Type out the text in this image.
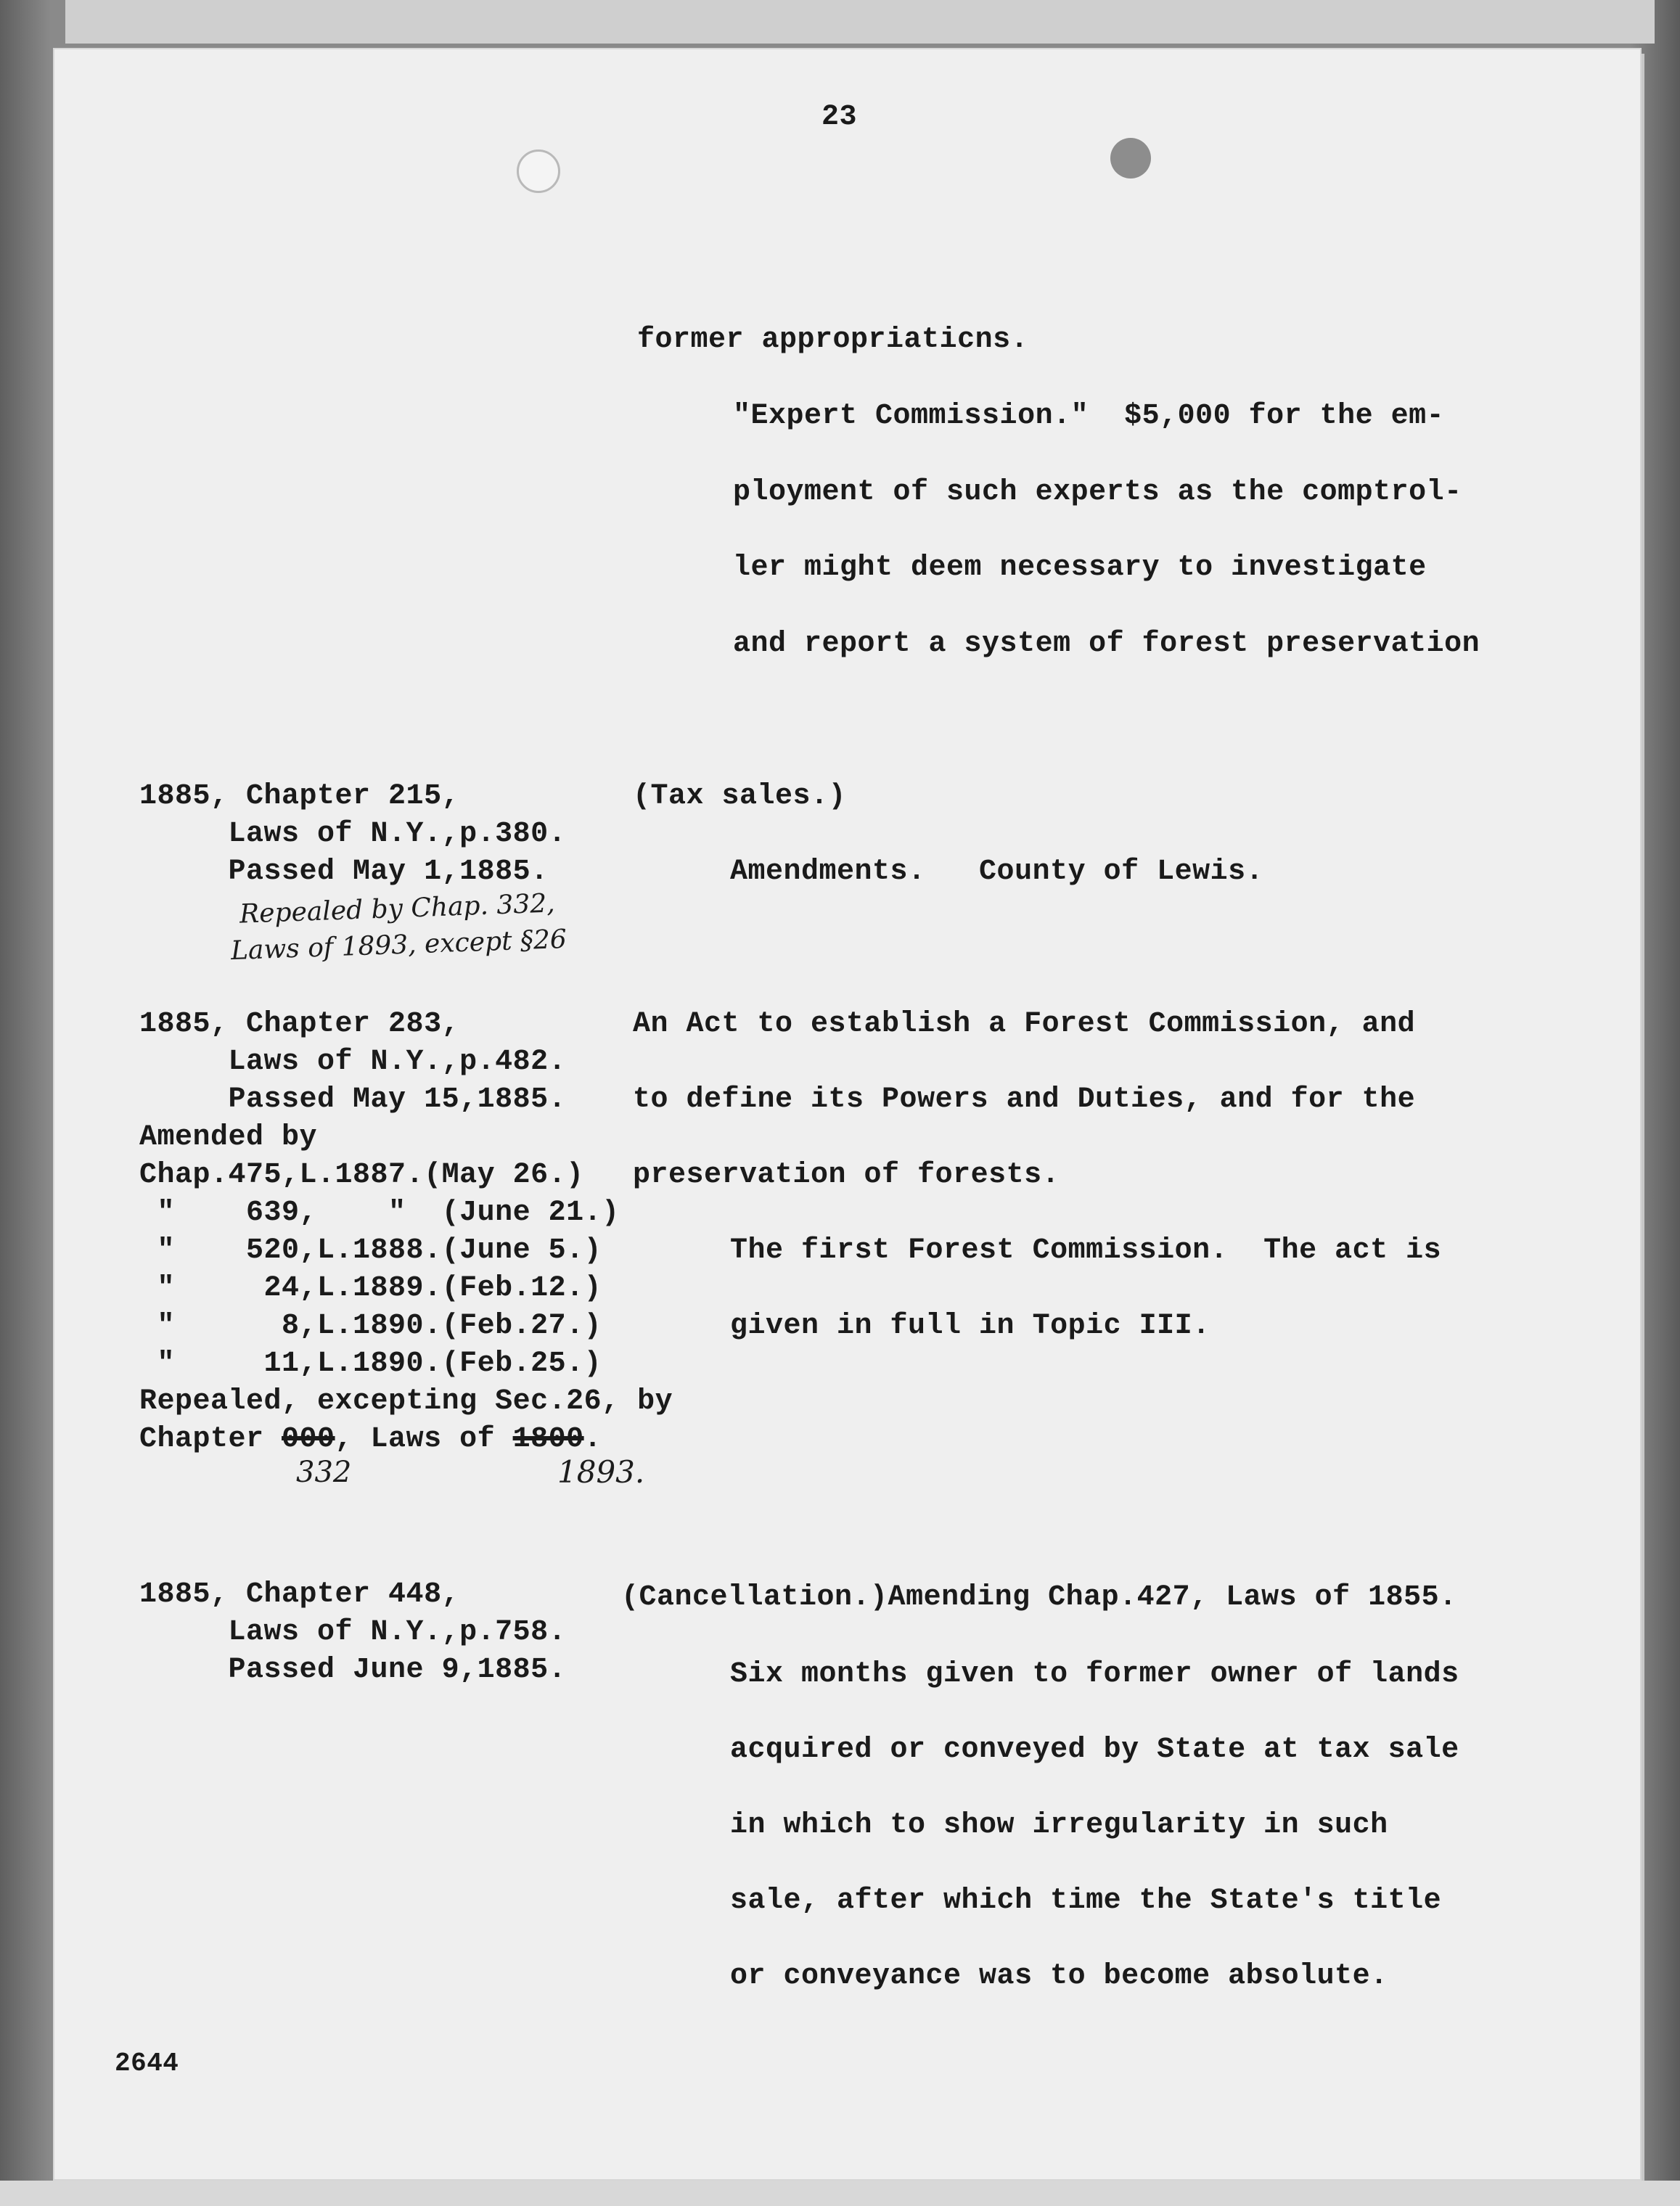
23
former appropriaticns.
"Expert Commission."  $5,000 for the em-
ployment of such experts as the comptrol-
ler might deem necessary to investigate
and report a system of forest preservation
1885, Chapter 215,
Laws of N.Y.,p.380.
Passed May 1,1885.
Repealed by Chap. 332,
Laws of 1893, except §26
(Tax sales.)
Amendments.   County of Lewis.
1885, Chapter 283,
Laws of N.Y.,p.482.
Passed May 15,1885.
Amended by
Chap.475,L.1887.(May 26.)
"    639,    "  (June 21.)
"    520,L.1888.(June 5.)
"     24,L.1889.(Feb.12.)
"      8,L.1890.(Feb.27.)
"     11,L.1890.(Feb.25.)
Repealed, excepting Sec.26, by
Chapter 000, Laws of 1800.
332	1893.
An Act to establish a Forest Commission, and
to define its Powers and Duties, and for the
preservation of forests.
The first Forest Commission.  The act is
given in full in Topic III.
1885, Chapter 448,
Laws of N.Y.,p.758.
Passed June 9,1885.
(Cancellation.)Amending Chap.427, Laws of 1855.
Six months given to former owner of lands
acquired or conveyed by State at tax sale
in which to show irregularity in such
sale, after which time the State's title
or conveyance was to become absolute.
2644
